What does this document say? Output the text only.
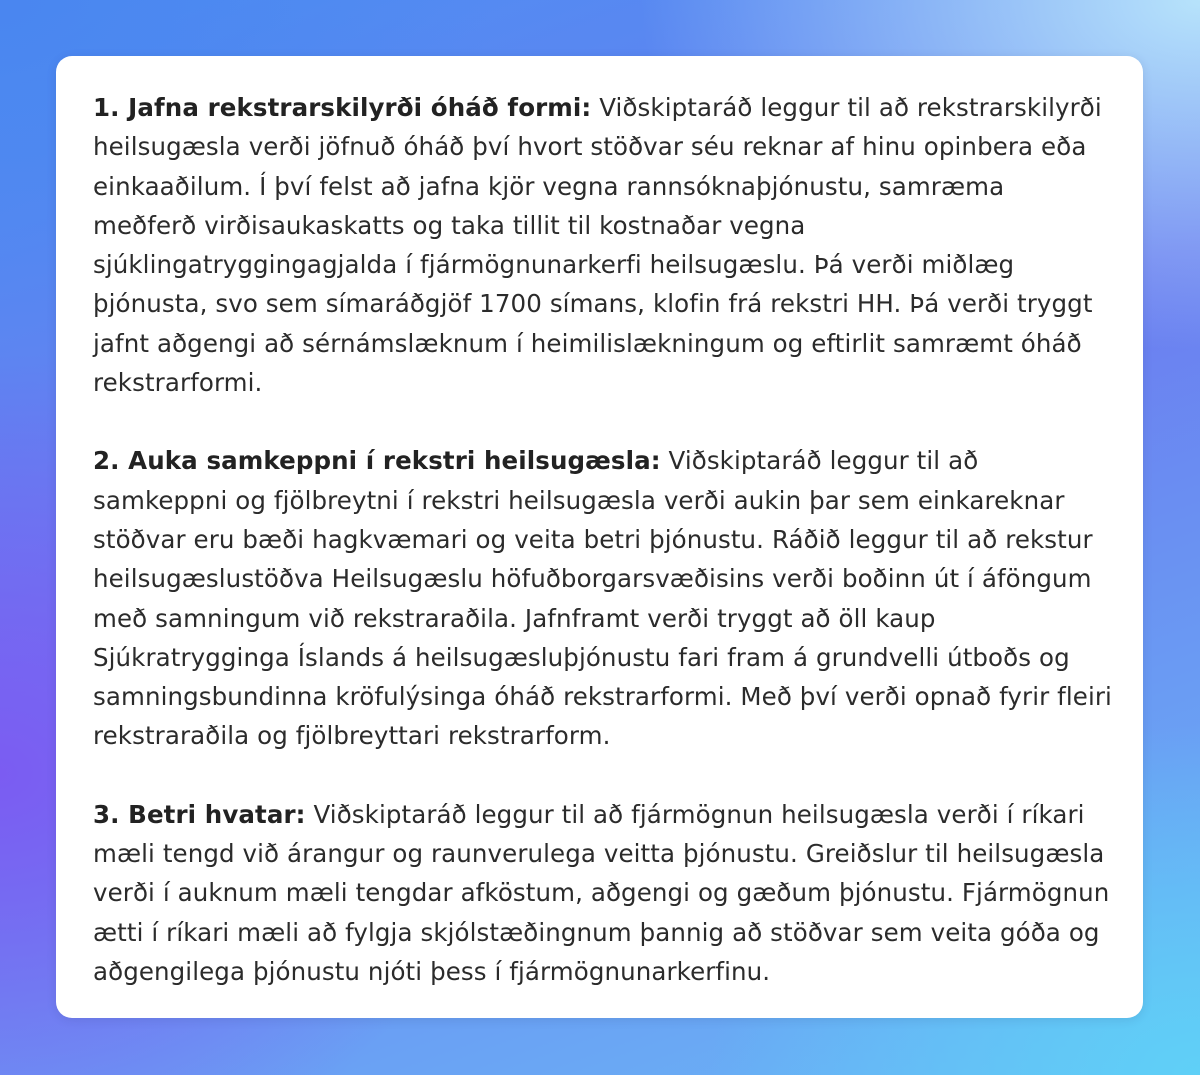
1. Jafna rekstrarskilyrði óháð formi: Viðskiptaráð leggur til að rekstrarskilyrði heilsugæsla verði jöfnuð óháð því hvort stöðvar séu reknar af hinu opinbera eða einkaaðilum. Í því felst að jafna kjör vegna rannsóknaþjónustu, samræma meðferð virðisaukaskatts og taka tillit til kostnaðar vegna sjúklingatryggingagjalda í fjármögnunarkerfi heilsugæslu. Þá verði miðlæg þjónusta, svo sem símaráðgjöf 1700 símans, klofin frá rekstri HH. Þá verði tryggt jafnt aðgengi að sérnámslæknum í heimilislækningum og eftirlit samræmt óháð rekstrarformi.

2. Auka samkeppni í rekstri heilsugæsla: Viðskiptaráð leggur til að samkeppni og fjölbreytni í rekstri heilsugæsla verði aukin þar sem einkareknar stöðvar eru bæði hagkvæmari og veita betri þjónustu. Ráðið leggur til að rekstur heilsugæslustöðva Heilsugæslu höfuðborgarsvæðisins verði boðinn út í áföngum með samningum við rekstraraðila. Jafnframt verði tryggt að öll kaup Sjúkratrygginga Íslands á heilsugæsluþjónustu fari fram á grundvelli útboðs og samningsbundinna kröfulýsinga óháð rekstrarformi. Með því verði opnað fyrir fleiri rekstraraðila og fjölbreyttari rekstrarform.

3. Betri hvatar: Viðskiptaráð leggur til að fjármögnun heilsugæsla verði í ríkari mæli tengd við árangur og raunverulega veitta þjónustu. Greiðslur til heilsugæsla verði í auknum mæli tengdar afköstum, aðgengi og gæðum þjónustu. Fjármögnun ætti í ríkari mæli að fylgja skjólstæðingnum þannig að stöðvar sem veita góða og aðgengilega þjónustu njóti þess í fjármögnunarkerfinu.
